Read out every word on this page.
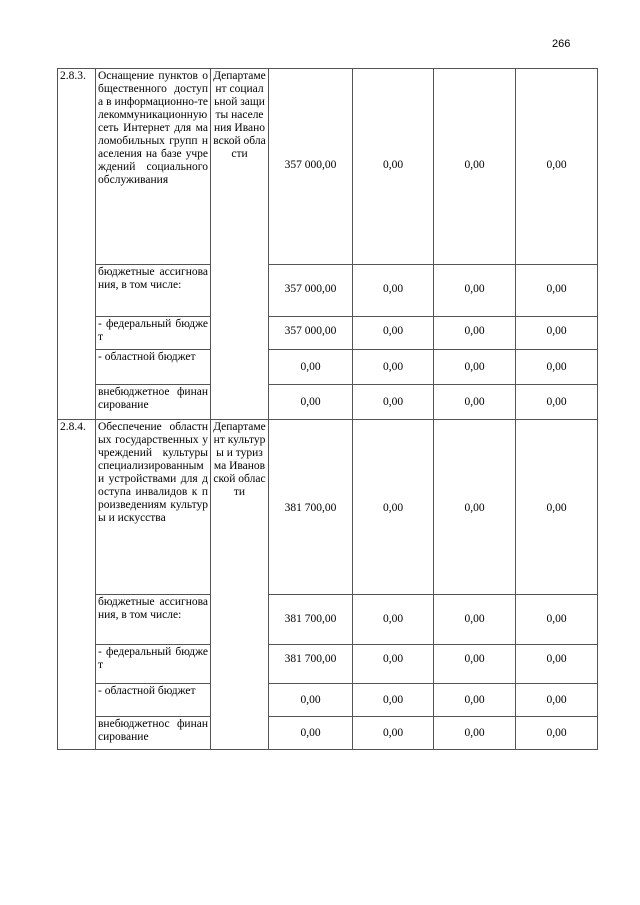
266
2.8.3.	Оснащение пунктов общественного доступа в информационно-телекоммуникационную сеть Интернет для маломобильных групп населения на базе учреждений социального обслуживания	Департамент социальной защиты населения Ивановской области	357 000,00	0,00	0,00	0,00
	бюджетные ассигнования, в том числе:		357 000,00	0,00	0,00	0,00
	- федеральный бюджет		357 000,00	0,00	0,00	0,00
	- областной бюджет		0,00	0,00	0,00	0,00
	внебюджетное финансирование		0,00	0,00	0,00	0,00
2.8.4.	Обеспечение областных государственных учреждений культуры специализированными устройствами для доступа инвалидов к произведениям культуры и искусства	Департамент культуры и туризма Ивановской области	381 700,00	0,00	0,00	0,00
	бюджетные ассигнования, в том числе:		381 700,00	0,00	0,00	0,00
	- федеральный бюджет		381 700,00	0,00	0,00	0,00
	- областной бюджет		0,00	0,00	0,00	0,00
	внебюджетнос финансирование		0,00	0,00	0,00	0,00
